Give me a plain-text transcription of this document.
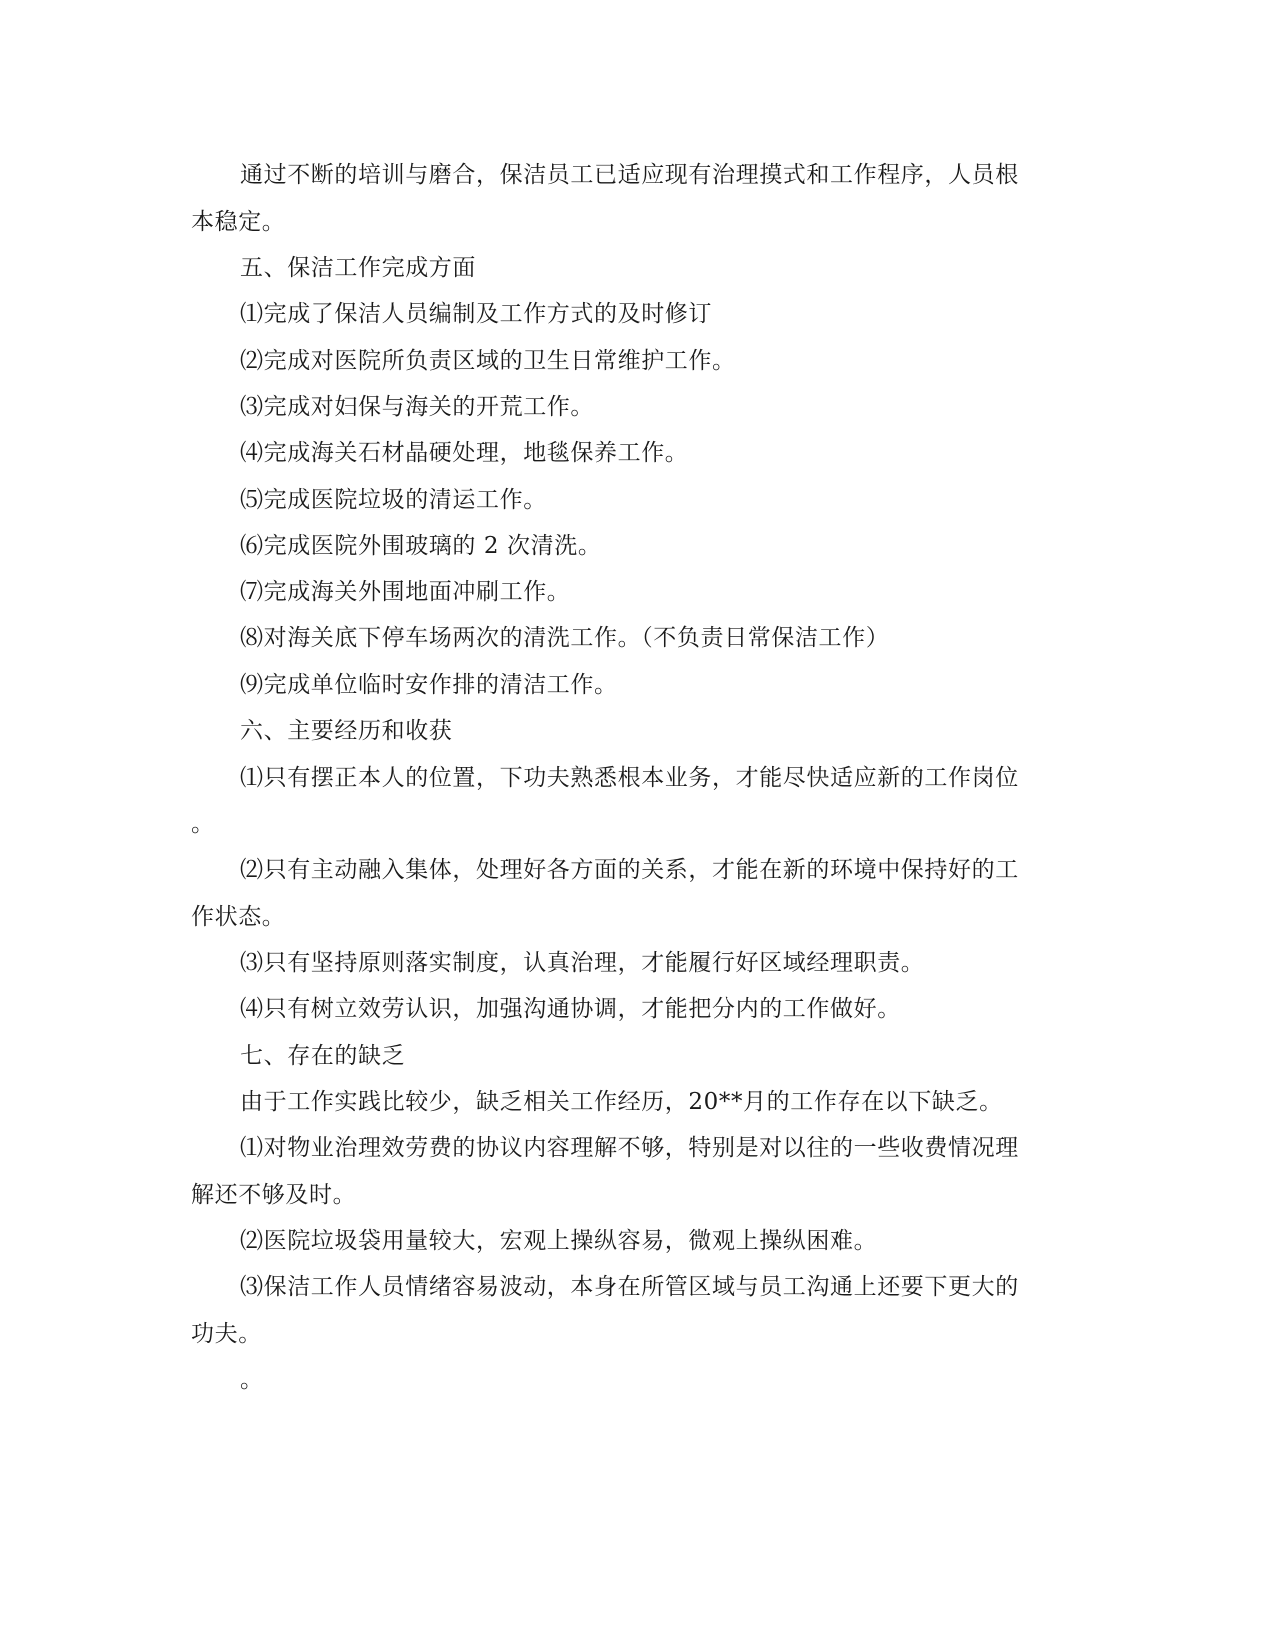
通过不断的培训与磨合，保洁员工已适应现有治理摸式和工作程序，人员根
本稳定。
五、保洁工作完成方面
⑴完成了保洁人员编制及工作方式的及时修订
⑵完成对医院所负责区域的卫生日常维护工作。
⑶完成对妇保与海关的开荒工作。
⑷完成海关石材晶硬处理，地毯保养工作。
⑸完成医院垃圾的清运工作。
⑹完成医院外围玻璃的 2 次清洗。
⑺完成海关外围地面冲刷工作。
⑻对海关底下停车场两次的清洗工作。（不负责日常保洁工作）
⑼完成单位临时安作排的清洁工作。
六、主要经历和收获
⑴只有摆正本人的位置，下功夫熟悉根本业务，才能尽快适应新的工作岗位
。
⑵只有主动融入集体，处理好各方面的关系，才能在新的环境中保持好的工
作状态。
⑶只有坚持原则落实制度，认真治理，才能履行好区域经理职责。
⑷只有树立效劳认识，加强沟通协调，才能把分内的工作做好。
七、存在的缺乏
由于工作实践比较少，缺乏相关工作经历，20**月的工作存在以下缺乏。
⑴对物业治理效劳费的协议内容理解不够，特别是对以往的一些收费情况理
解还不够及时。
⑵医院垃圾袋用量较大，宏观上操纵容易，微观上操纵困难。
⑶保洁工作人员情绪容易波动，本身在所管区域与员工沟通上还要下更大的
功夫。
。
